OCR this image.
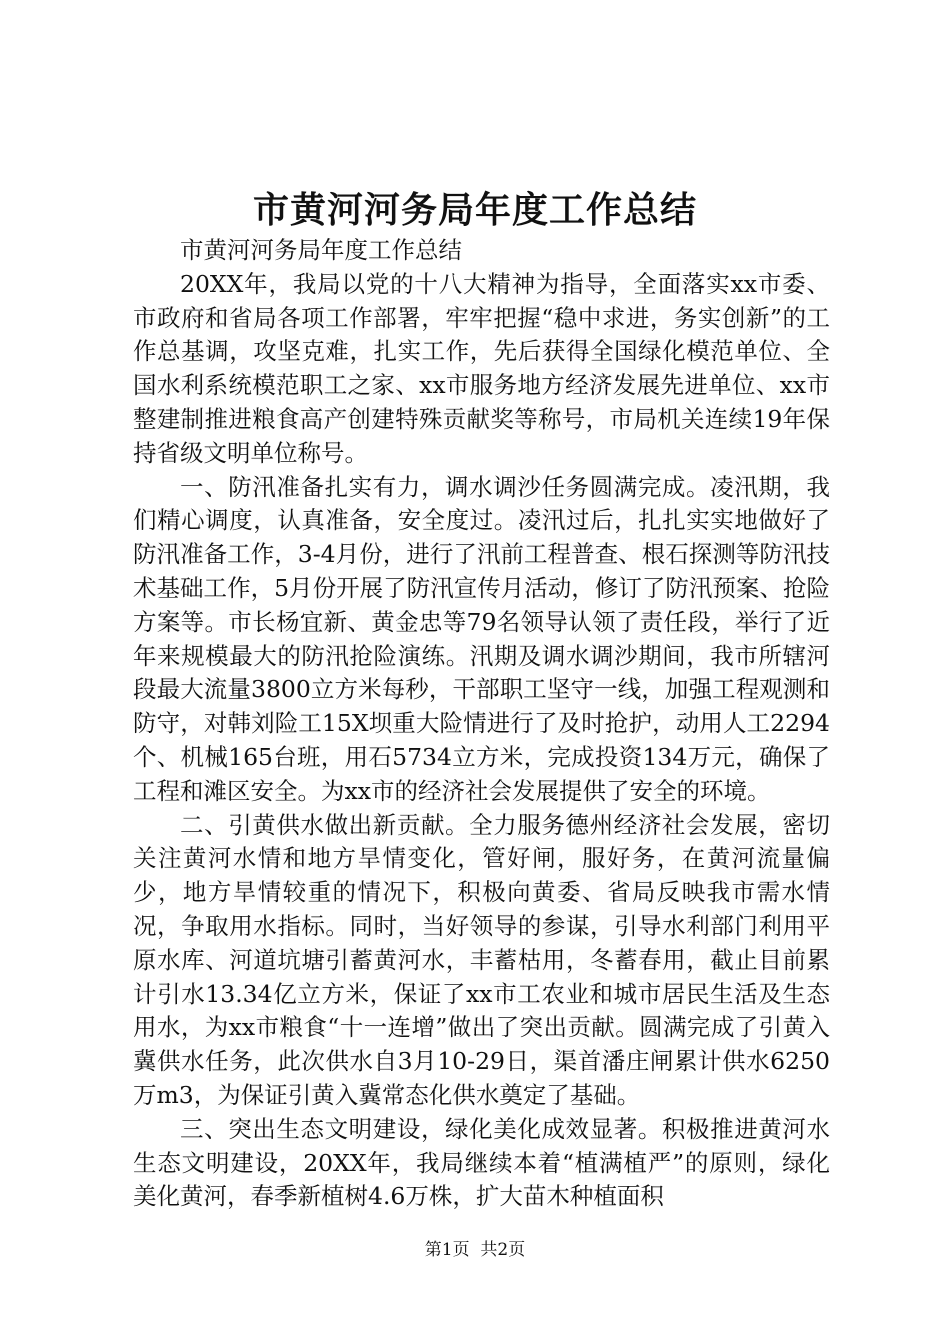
市黄河河务局年度工作总结

市黄河河务局年度工作总结

20XX年，我局以党的十八大精神为指导，全面落实xx市委、市政府和省局各项工作部署，牢牢把握“稳中求进，务实创新”的工作总基调，攻坚克难，扎实工作，先后获得全国绿化模范单位、全国水利系统模范职工之家、xx市服务地方经济发展先进单位、xx市整建制推进粮食高产创建特殊贡献奖等称号，市局机关连续19年保持省级文明单位称号。

一、防汛准备扎实有力，调水调沙任务圆满完成。凌汛期，我们精心调度，认真准备，安全度过。凌汛过后，扎扎实实地做好了防汛准备工作，3-4月份，进行了汛前工程普查、根石探测等防汛技术基础工作，5月份开展了防汛宣传月活动，修订了防汛预案、抢险方案等。市长杨宜新、黄金忠等79名领导认领了责任段，举行了近年来规模最大的防汛抢险演练。汛期及调水调沙期间，我市所辖河段最大流量3800立方米每秒，干部职工坚守一线，加强工程观测和防守，对韩刘险工15X坝重大险情进行了及时抢护，动用人工2294个、机械165台班，用石5734立方米，完成投资134万元，确保了工程和滩区安全。为xx市的经济社会发展提供了安全的环境。

二、引黄供水做出新贡献。全力服务德州经济社会发展，密切关注黄河水情和地方旱情变化，管好闸，服好务，在黄河流量偏少，地方旱情较重的情况下，积极向黄委、省局反映我市需水情况，争取用水指标。同时，当好领导的参谋，引导水利部门利用平原水库、河道坑塘引蓄黄河水，丰蓄枯用，冬蓄春用，截止目前累计引水13.34亿立方米，保证了xx市工农业和城市居民生活及生态用水，为xx市粮食“十一连增”做出了突出贡献。圆满完成了引黄入冀供水任务，此次供水自3月10-29日，渠首潘庄闸累计供水6250万m3，为保证引黄入冀常态化供水奠定了基础。

三、突出生态文明建设，绿化美化成效显著。积极推进黄河水生态文明建设，20XX年，我局继续本着“植满植严”的原则，绿化美化黄河，春季新植树4.6万株，扩大苗木种植面积

第1页  共2页
